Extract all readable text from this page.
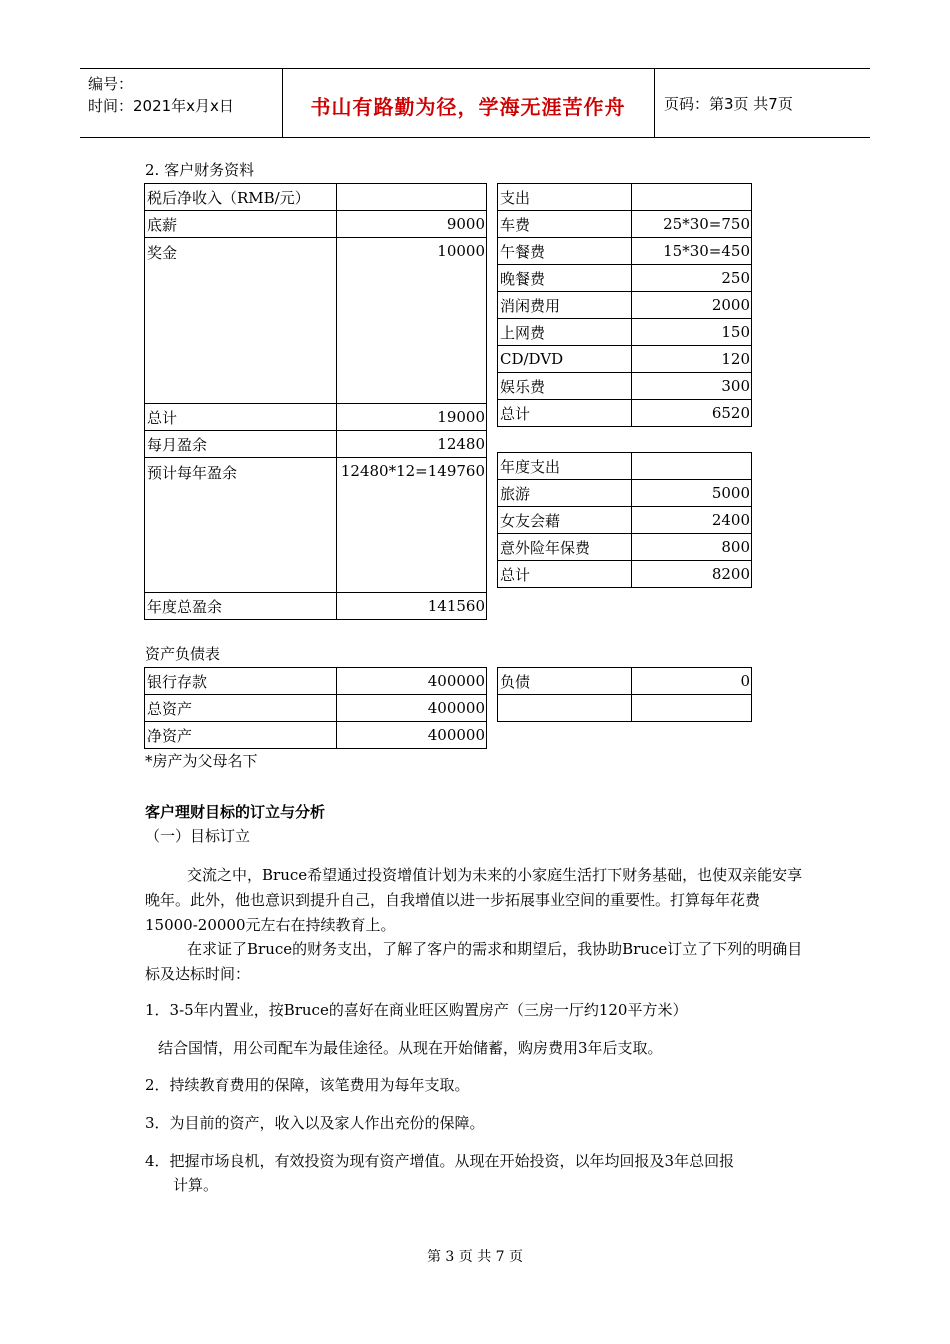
编号：
时间：2021年x月x日	书山有路勤为径，学海无涯苦作舟	页码：第3页 共7页
2. 客户财务资料
税后净收入（RMB/元）	
底薪	9000
奖金	10000
总计	19000
每月盈余	12480
预计每年盈余	12480*12=149760
年度总盈余	141560
支出	
车费	25*30=750
午餐费	15*30=450
晚餐费	250
消闲费用	2000
上网费	150
CD/DVD	120
娱乐费	300
总计	6520
年度支出	
旅游	5000
女友会藉	2400
意外险年保费	800
总计	8200
资产负债表
银行存款	400000
总资产	400000
净资产	400000
负债	0

*房产为父母名下
客户理财目标的订立与分析
（一）目标订立
交流之中，Bruce希望通过投资增值计划为未来的小家庭生活打下财务基础，也使双亲能安享晚年。此外，他也意识到提升自己，自我增值以进一步拓展事业空间的重要性。打算每年花费15000-20000元左右在持续教育上。
在求证了Bruce的财务支出，了解了客户的需求和期望后，我协助Bruce订立了下列的明确目标及达标时间：
1．3-5年内置业，按Bruce的喜好在商业旺区购置房产（三房一厅约120平方米）
结合国情，用公司配车为最佳途径。从现在开始储蓄，购房费用3年后支取。
2．持续教育费用的保障，该笔费用为每年支取。
3．为目前的资产，收入以及家人作出充份的保障。
4．把握市场良机，有效投资为现有资产增值。从现在开始投资，以年均回报及3年总回报
计算。
第 3 页 共 7 页
